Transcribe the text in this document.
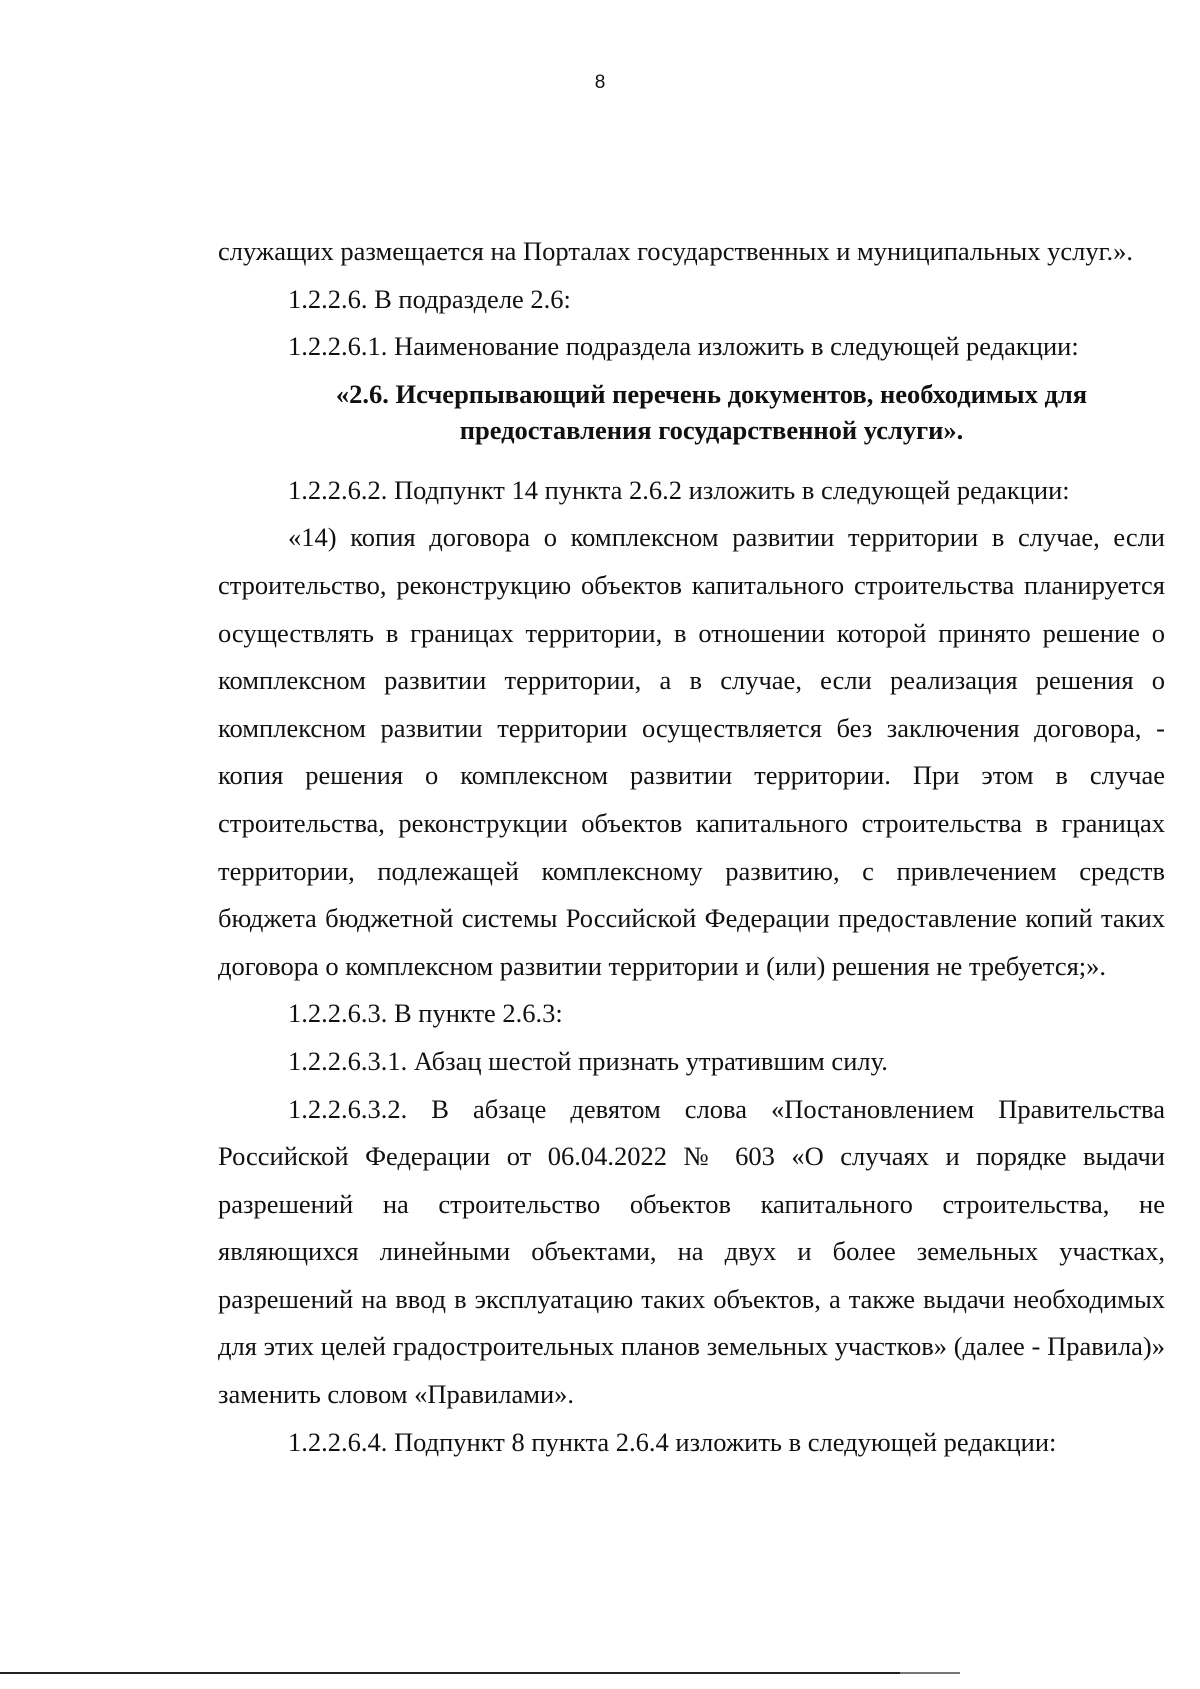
8

служащих размещается на Порталах государственных и муниципальных услуг.».

1.2.2.6. В подразделе 2.6:

1.2.2.6.1. Наименование подраздела изложить в следующей редакции:

«2.6. Исчерпывающий перечень документов, необходимых для
предоставления государственной услуги».

1.2.2.6.2. Подпункт 14 пункта 2.6.2 изложить в следующей редакции:

«14) копия договора о комплексном развитии территории в случае, если строительство, реконструкцию объектов капитального строительства планируется осуществлять в границах территории, в отношении которой принято решение о комплексном развитии территории, а в случае, если реализация решения о комплексном развитии территории осуществляется без заключения договора, - копия решения о комплексном развитии территории. При этом в случае строительства, реконструкции объектов капитального строительства в границах территории, подлежащей комплексному развитию, с привлечением средств бюджета бюджетной системы Российской Федерации предоставление копий таких договора о комплексном развитии территории и (или) решения не требуется;».

1.2.2.6.3. В пункте 2.6.3:

1.2.2.6.3.1. Абзац шестой признать утратившим силу.

1.2.2.6.3.2. В абзаце девятом слова «Постановлением Правительства Российской Федерации от 06.04.2022 № 603 «О случаях и порядке выдачи разрешений на строительство объектов капитального строительства, не являющихся линейными объектами, на двух и более земельных участках, разрешений на ввод в эксплуатацию таких объектов, а также выдачи необходимых для этих целей градостроительных планов земельных участков» (далее - Правила)» заменить словом «Правилами».

1.2.2.6.4. Подпункт 8 пункта 2.6.4 изложить в следующей редакции:
